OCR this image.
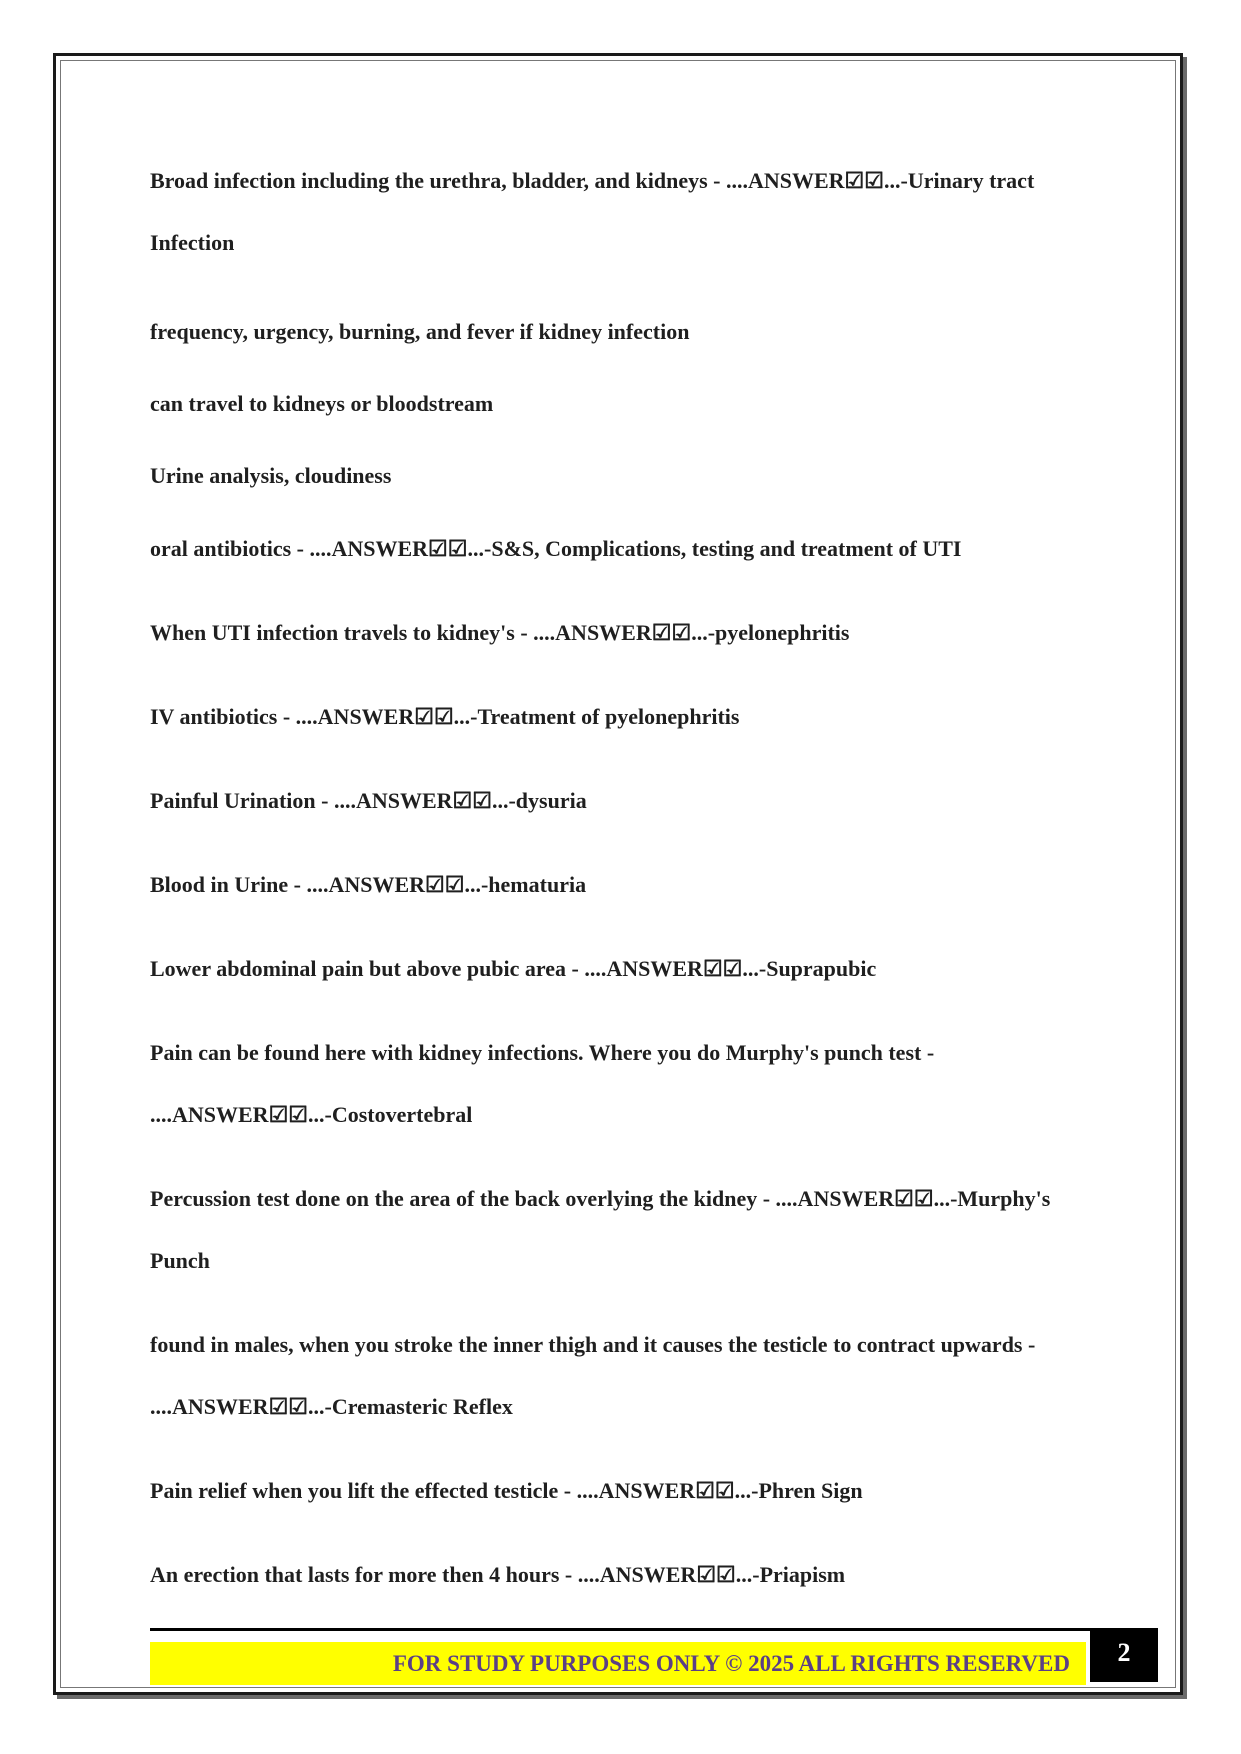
Broad infection including the urethra, bladder, and kidneys - ....ANSWER☑☑...-Urinary tract Infection

frequency, urgency, burning, and fever if kidney infection

can travel to kidneys or bloodstream

Urine analysis, cloudiness

oral antibiotics - ....ANSWER☑☑...-S&S, Complications, testing and treatment of UTI

When UTI infection travels to kidney's - ....ANSWER☑☑...-pyelonephritis

IV antibiotics - ....ANSWER☑☑...-Treatment of pyelonephritis

Painful Urination - ....ANSWER☑☑...-dysuria

Blood in Urine - ....ANSWER☑☑...-hematuria

Lower abdominal pain but above pubic area - ....ANSWER☑☑...-Suprapubic

Pain can be found here with kidney infections. Where you do Murphy's punch test - ....ANSWER☑☑...-Costovertebral

Percussion test done on the area of the back overlying the kidney - ....ANSWER☑☑...-Murphy's Punch

found in males, when you stroke the inner thigh and it causes the testicle to contract upwards - ....ANSWER☑☑...-Cremasteric Reflex

Pain relief when you lift the effected testicle - ....ANSWER☑☑...-Phren Sign

An erection that lasts for more then 4 hours - ....ANSWER☑☑...-Priapism

FOR STUDY PURPOSES ONLY © 2025 ALL RIGHTS RESERVED	2
